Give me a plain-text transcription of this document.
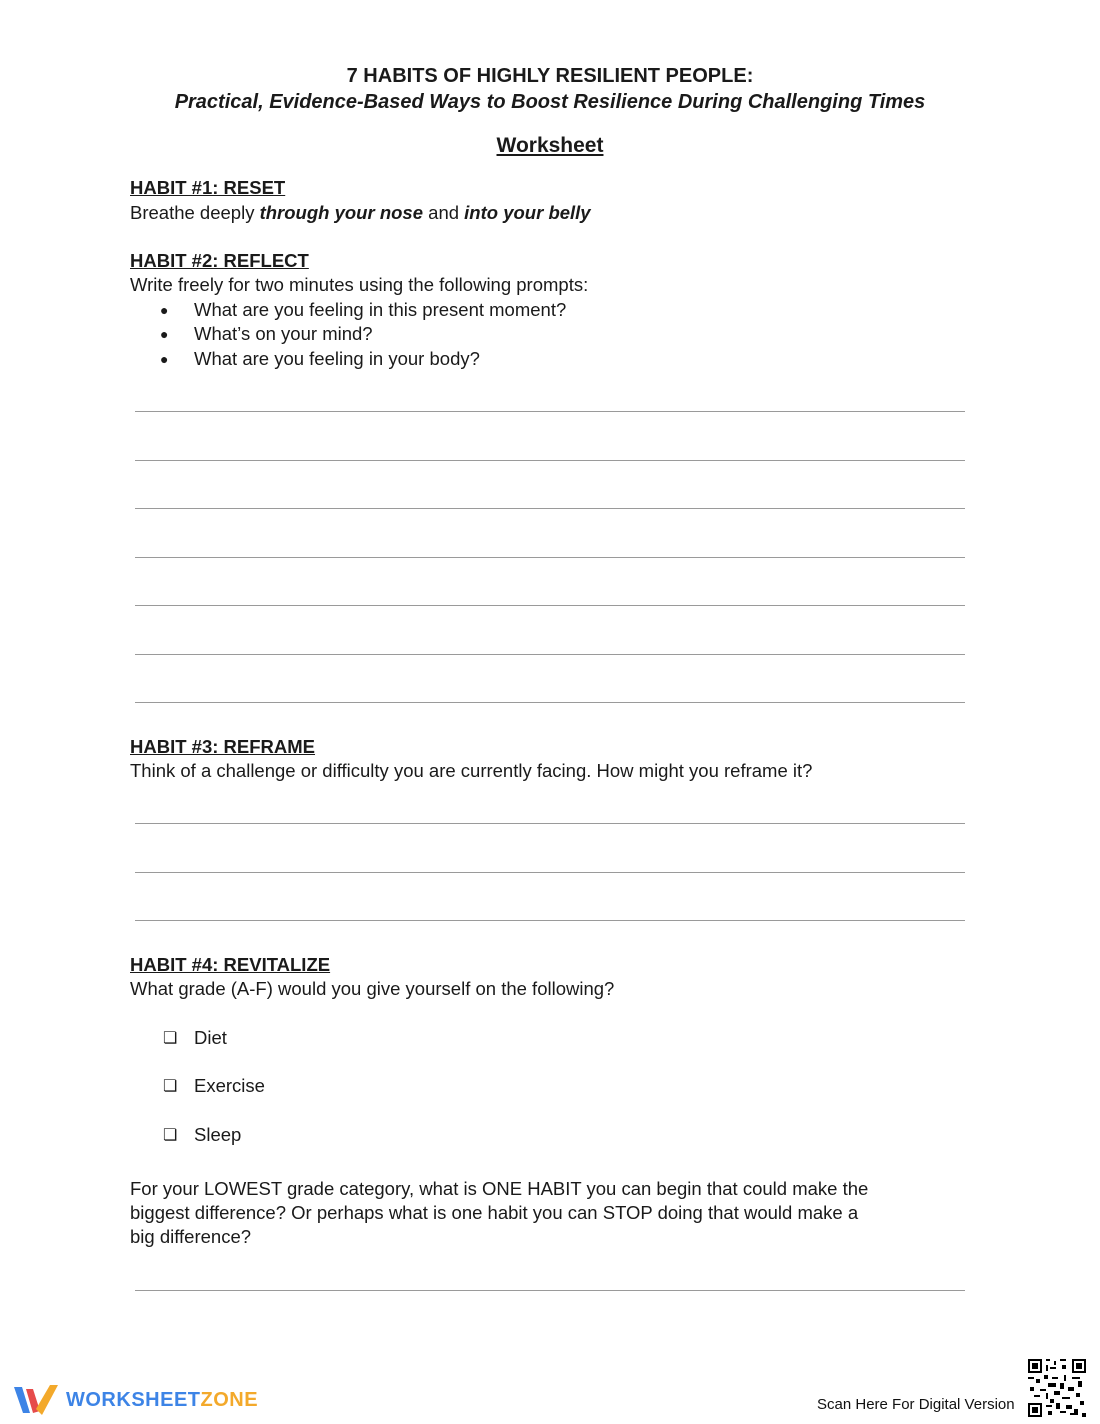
7 HABITS OF HIGHLY RESILIENT PEOPLE:
Practical, Evidence-Based Ways to Boost Resilience During Challenging Times
Worksheet
HABIT #1: RESET
Breathe deeply through your nose and into your belly
HABIT #2: REFLECT
Write freely for two minutes using the following prompts:
●	What are you feeling in this present moment?
●	What’s on your mind?
●	What are you feeling in your body?
HABIT #3: REFRAME
Think of a challenge or difficulty you are currently facing. How might you reframe it?
HABIT #4: REVITALIZE
What grade (A-F) would you give yourself on the following?
❏ Diet
❏ Exercise
❏ Sleep
For your LOWEST grade category, what is ONE HABIT you can begin that could make the
biggest difference? Or perhaps what is one habit you can STOP doing that would make a
big difference?
WORKSHEETZONE	Scan Here For Digital Version
